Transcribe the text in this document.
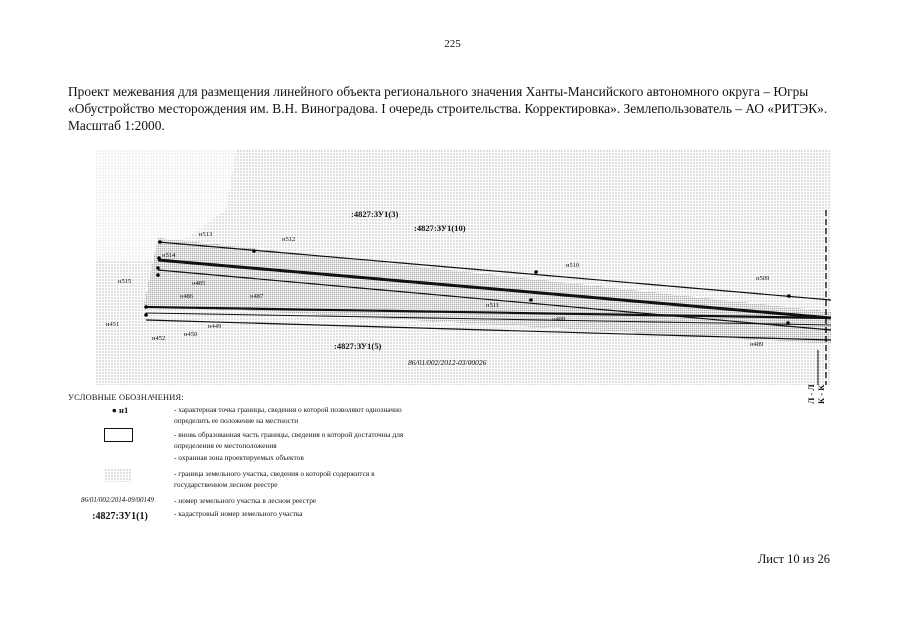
225
Проект межевания для размещения линейного объекта регионального значения Ханты-Мансийского автономного округа – Югры «Обустройство месторождения им. В.Н. Виноградова. I очередь строительства. Корректировка». Землепользователь – АО «РИТЭК». Масштаб 1:2000.
н513
н512
н514
н515	н485
н486	н487
н510
н509
н511
н488
н451
н452
н449
н450
н489
:4827:ЗУ1(3)
:4827:ЗУ1(10)
:4827:ЗУ1(5)
86/01/002/2012-03/00026
Л - Л К - К
УСЛОВНЫЕ ОБОЗНАЧЕНИЯ:
● н1	- характерная точка границы, сведения о которой позволяют однозначно определить ее положение на местности
- вновь образованная часть границы, сведения о которой достаточны для определения ее местоположения
- охранная зона проектируемых объектов
- граница земельного участка, сведения о которой содержится в государственном лесном реестре
86/01/002/2014-09/00149	- номер земельного участка в лесном реестре
:4827:ЗУ1(1)	- кадастровый номер земельного участка
Лист 10 из 26
